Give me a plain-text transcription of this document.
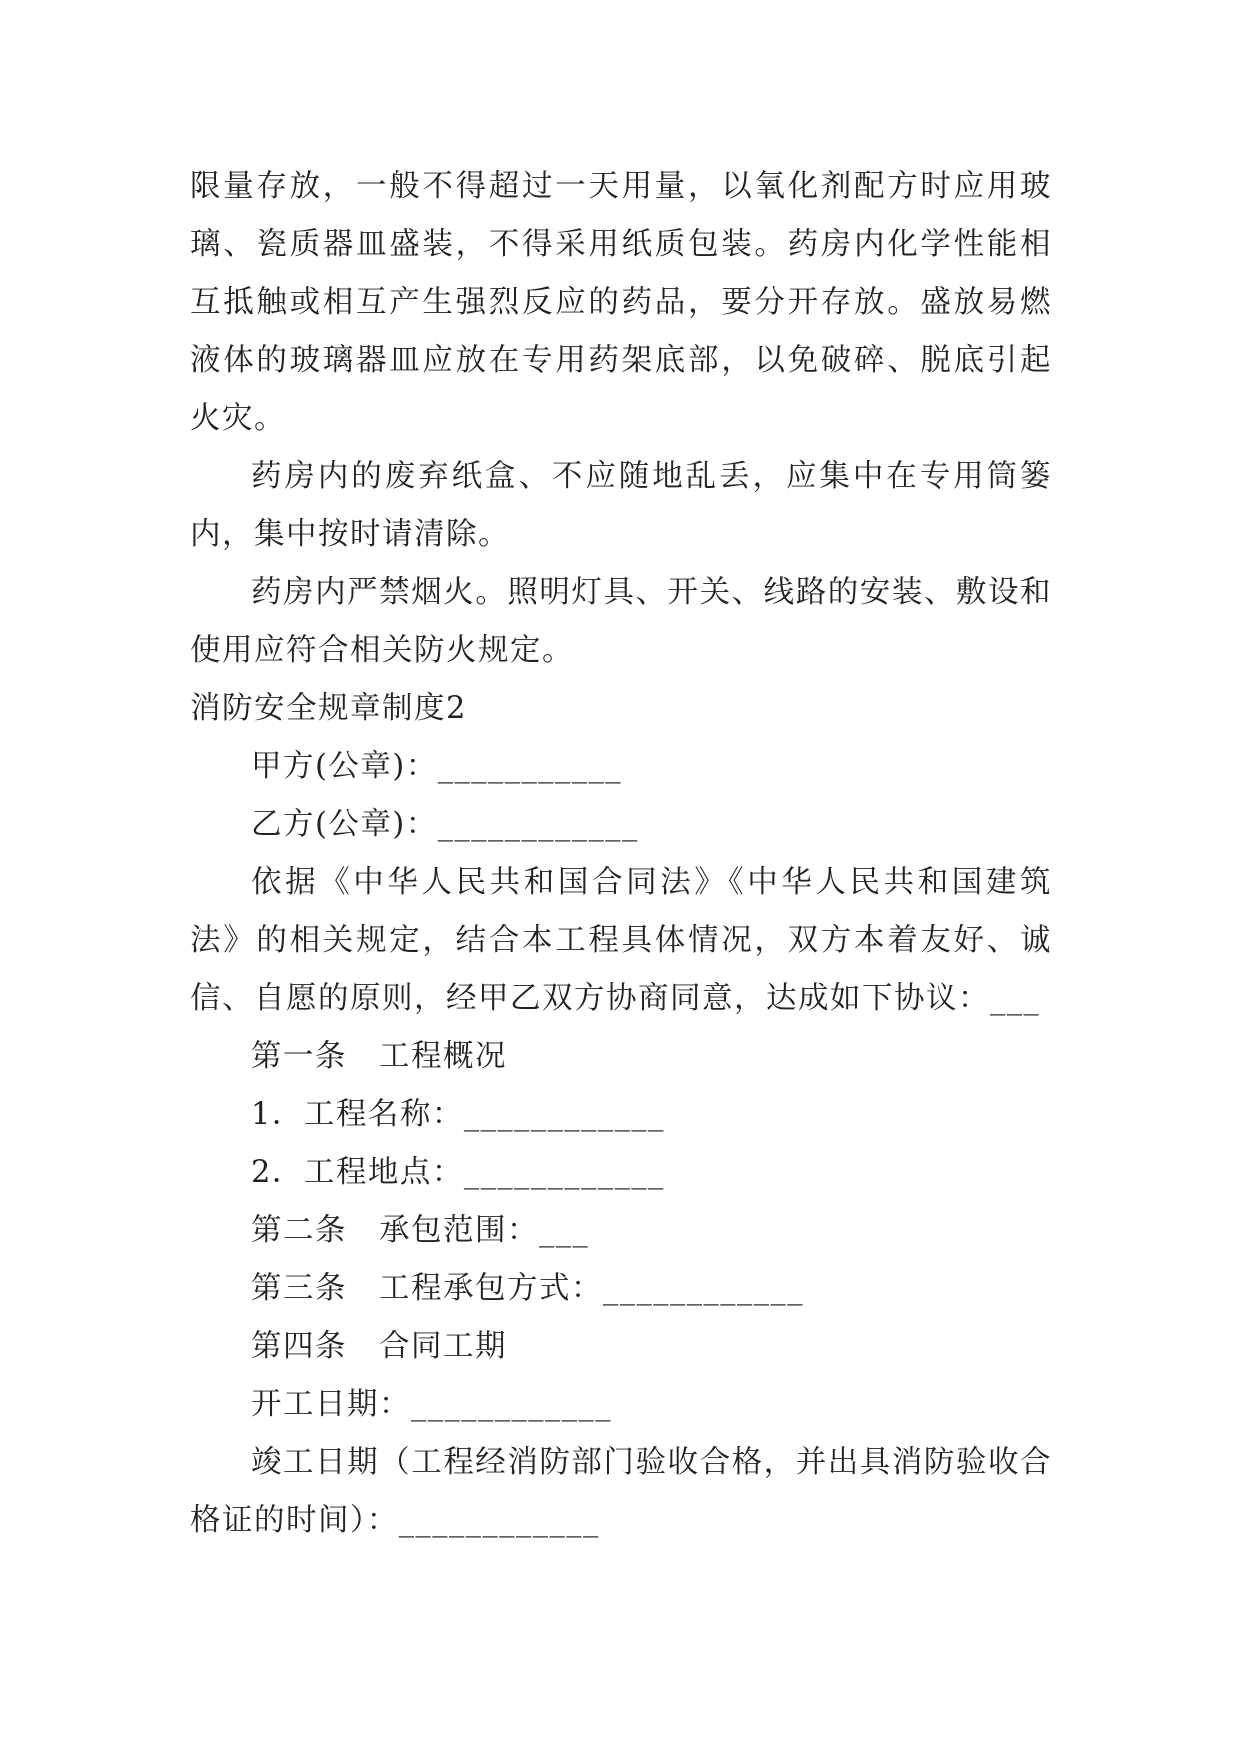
限量存放，一般不得超过一天用量，以氧化剂配方时应用玻璃、瓷质器皿盛装，不得采用纸质包装。药房内化学性能相互抵触或相互产生强烈反应的药品，要分开存放。盛放易燃液体的玻璃器皿应放在专用药架底部，以免破碎、脱底引起火灾。

药房内的废弃纸盒、不应随地乱丢，应集中在专用筒篓内，集中按时请清除。

药房内严禁烟火。照明灯具、开关、线路的安装、敷设和使用应符合相关防火规定。

消防安全规章制度2

甲方(公章)：___________

乙方(公章)：____________

依据《中华人民共和国合同法》《中华人民共和国建筑法》的相关规定，结合本工程具体情况，双方本着友好、诚信、自愿的原则，经甲乙双方协商同意，达成如下协议：___

第一条　工程概况

1．工程名称：____________

2．工程地点：____________

第二条　承包范围：___

第三条　工程承包方式：____________

第四条　合同工期

开工日期：____________

竣工日期（工程经消防部门验收合格，并出具消防验收合格证的时间）：____________
